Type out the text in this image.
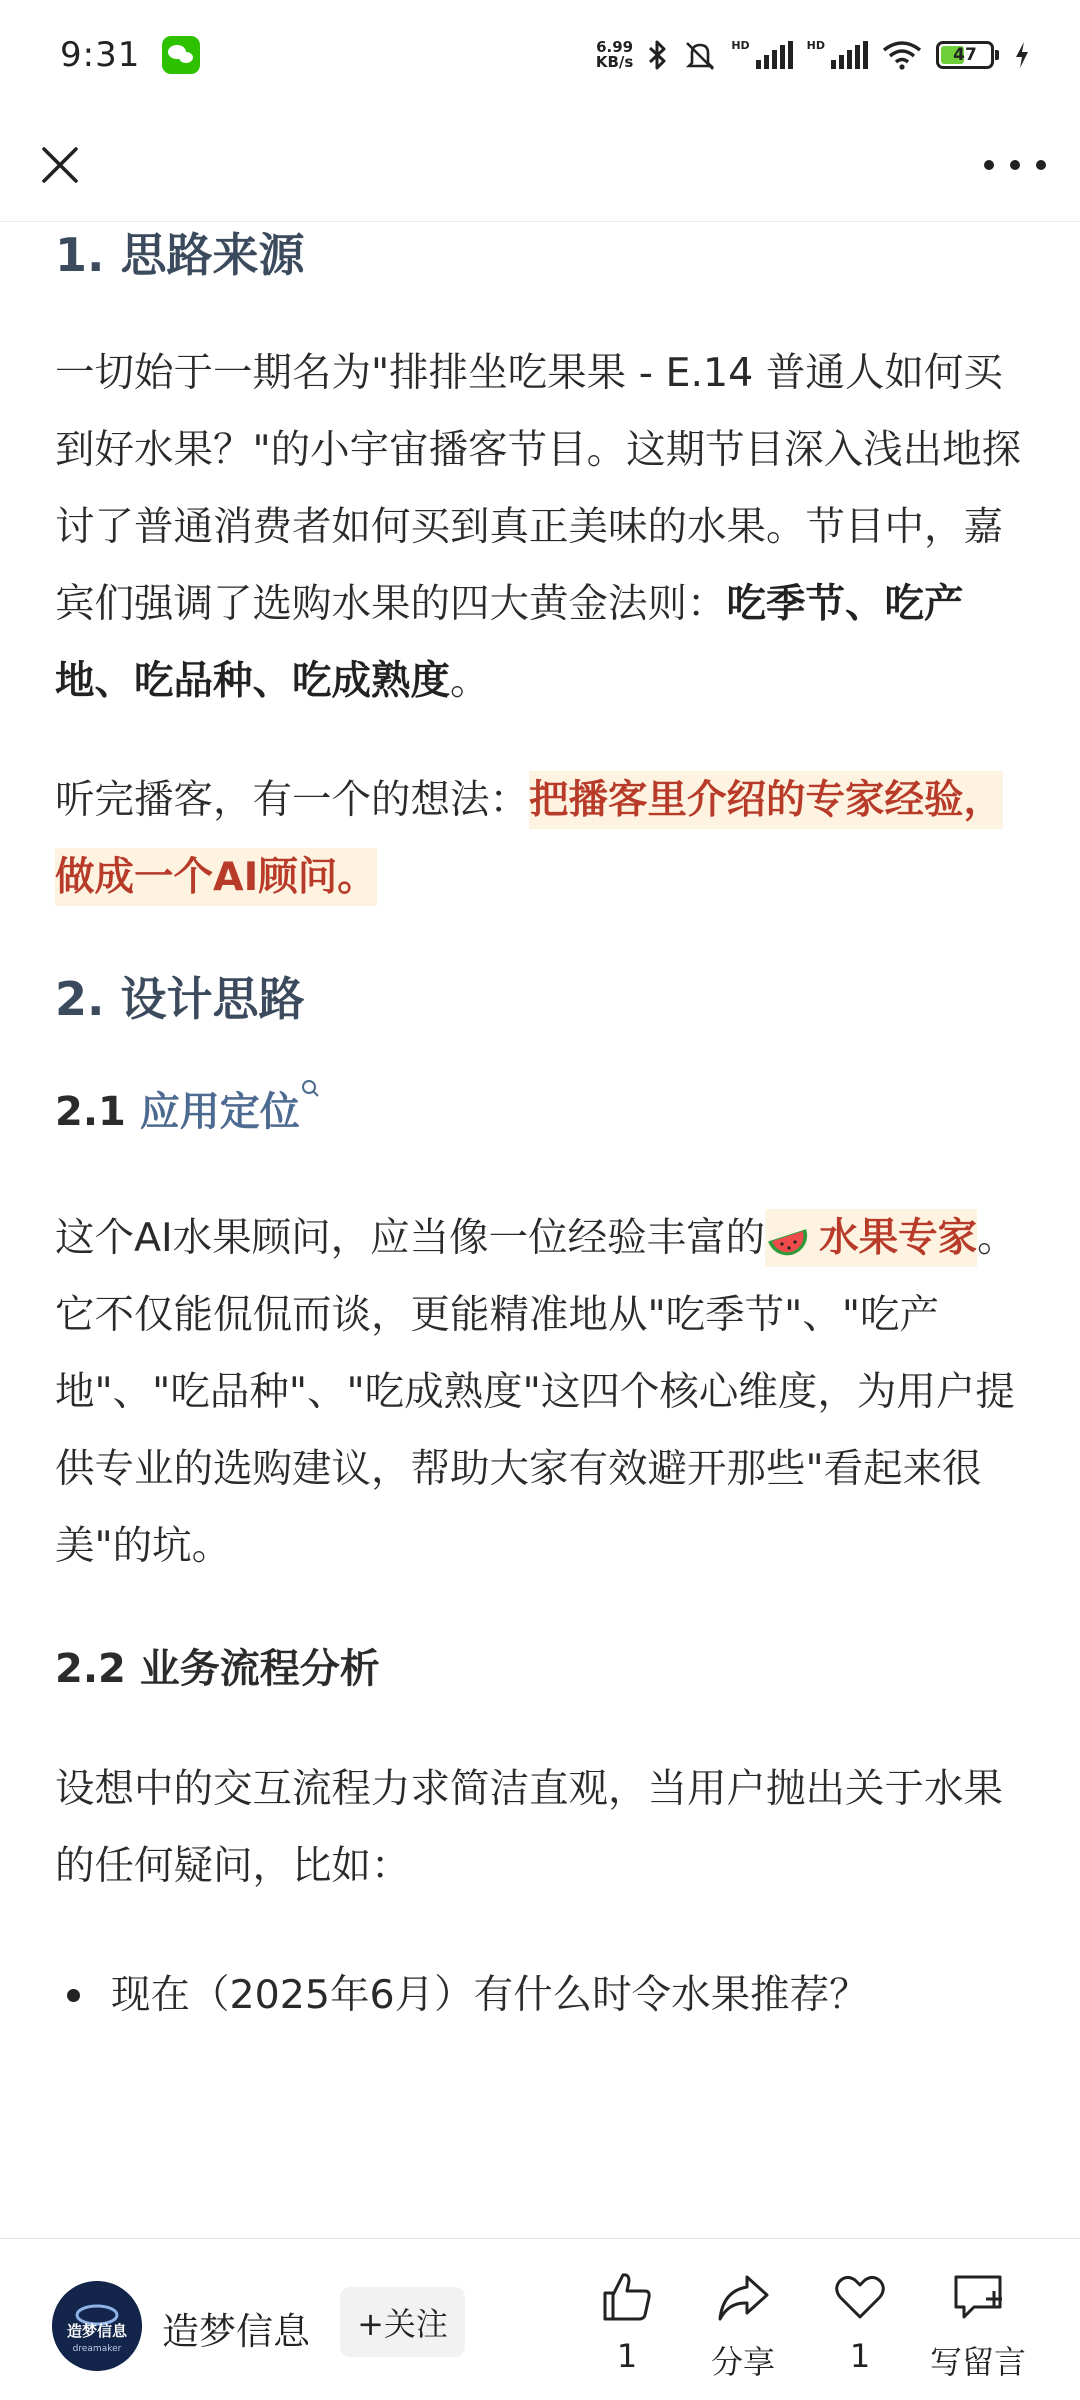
9:31	6.99
KB/s
HD	HD	47
1. 思路来源

一切始于一期名为"排排坐吃果果 - E.14 普通人如何买到好水果？"的小宇宙播客节目。这期节目深入浅出地探讨了普通消费者如何买到真正美味的水果。节目中，嘉宾们强调了选购水果的四大黄金法则：吃季节、吃产地、吃品种、吃成熟度。

听完播客，有一个的想法：把播客里介绍的专家经验，做成一个AI顾问。

2. 设计思路
2.1 应用定位

这个AI水果顾问，应当像一位经验丰富的 水果专家。它不仅能侃侃而谈，更能精准地从"吃季节"、"吃产地"、"吃品种"、"吃成熟度"这四个核心维度，为用户提供专业的选购建议，帮助大家有效避开那些"看起来很美"的坑。

2.2 业务流程分析

设想中的交互流程力求简洁直观，当用户抛出关于水果的任何疑问，比如：

现在（2025年6月）有什么时令水果推荐？
造梦信息
dreamaker 造梦信息	+关注
1	分享	1	写留言
